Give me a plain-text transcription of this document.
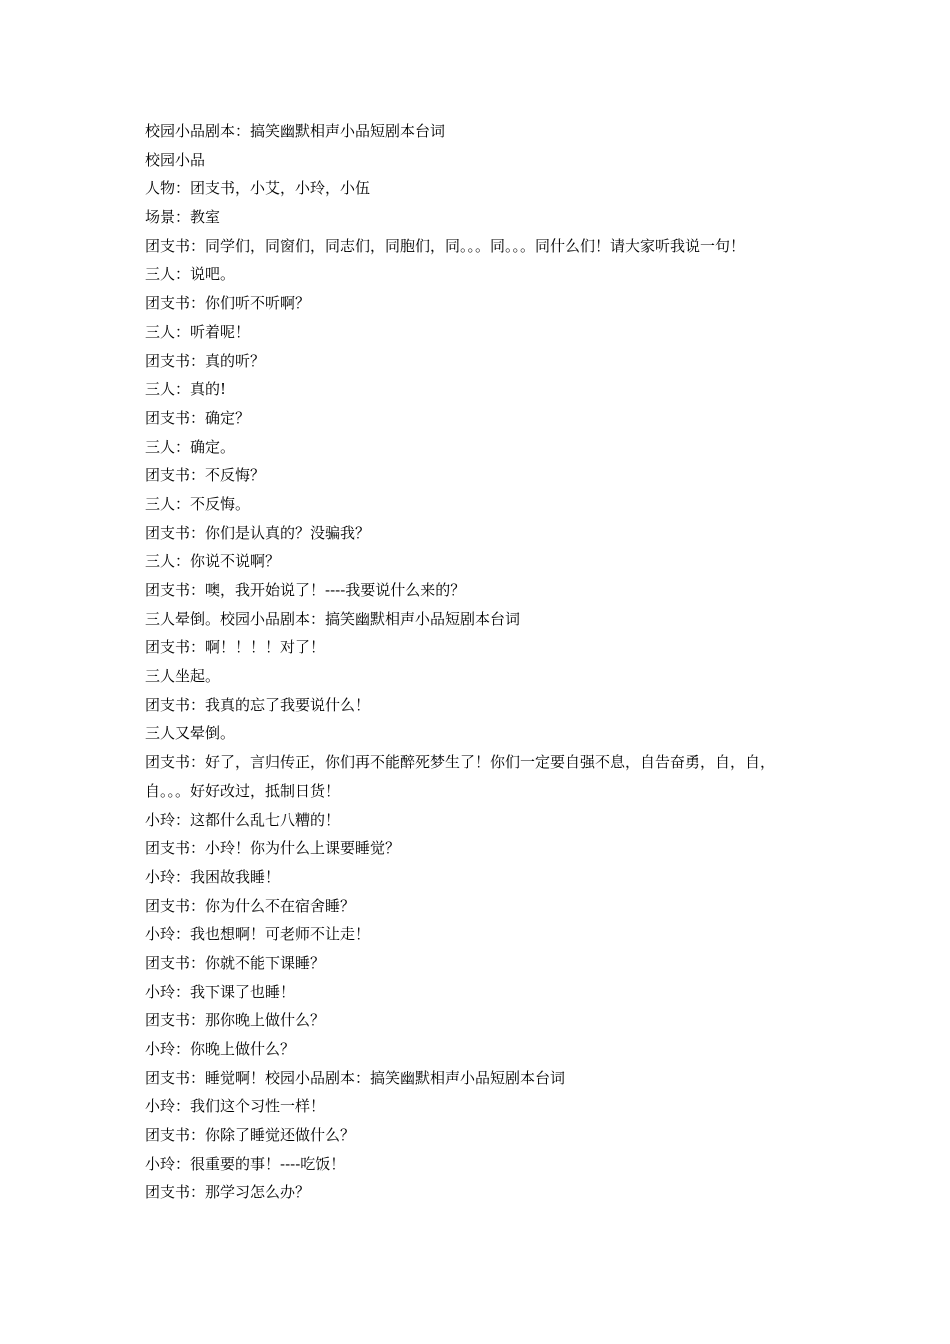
校园小品剧本：搞笑幽默相声小品短剧本台词
校园小品
人物：团支书，小艾，小玲，小伍
场景：教室
团支书：同学们，同窗们，同志们，同胞们，同。。。同。。。同什么们！请大家听我说一句！
三人：说吧。
团支书：你们听不听啊？
三人：听着呢！
团支书：真的听？
三人：真的!
团支书：确定？
三人：确定。
团支书：不反悔？
三人：不反悔。
团支书：你们是认真的？没骗我？
三人：你说不说啊？
团支书：噢，我开始说了！----我要说什么来的？
三人晕倒。校园小品剧本：搞笑幽默相声小品短剧本台词
团支书：啊！！！！对了！
三人坐起。
团支书：我真的忘了我要说什么！
三人又晕倒。
团支书：好了，言归传正，你们再不能醉死梦生了！你们一定要自强不息，自告奋勇，自，自，
自。。。好好改过，抵制日货！
小玲：这都什么乱七八糟的！
团支书：小玲！你为什么上课要睡觉？
小玲：我困故我睡！
团支书：你为什么不在宿舍睡？
小玲：我也想啊！可老师不让走！
团支书：你就不能下课睡？
小玲：我下课了也睡！
团支书：那你晚上做什么？
小玲：你晚上做什么？
团支书：睡觉啊！校园小品剧本：搞笑幽默相声小品短剧本台词
小玲：我们这个习性一样！
团支书：你除了睡觉还做什么？
小玲：很重要的事！----吃饭！
团支书：那学习怎么办？
